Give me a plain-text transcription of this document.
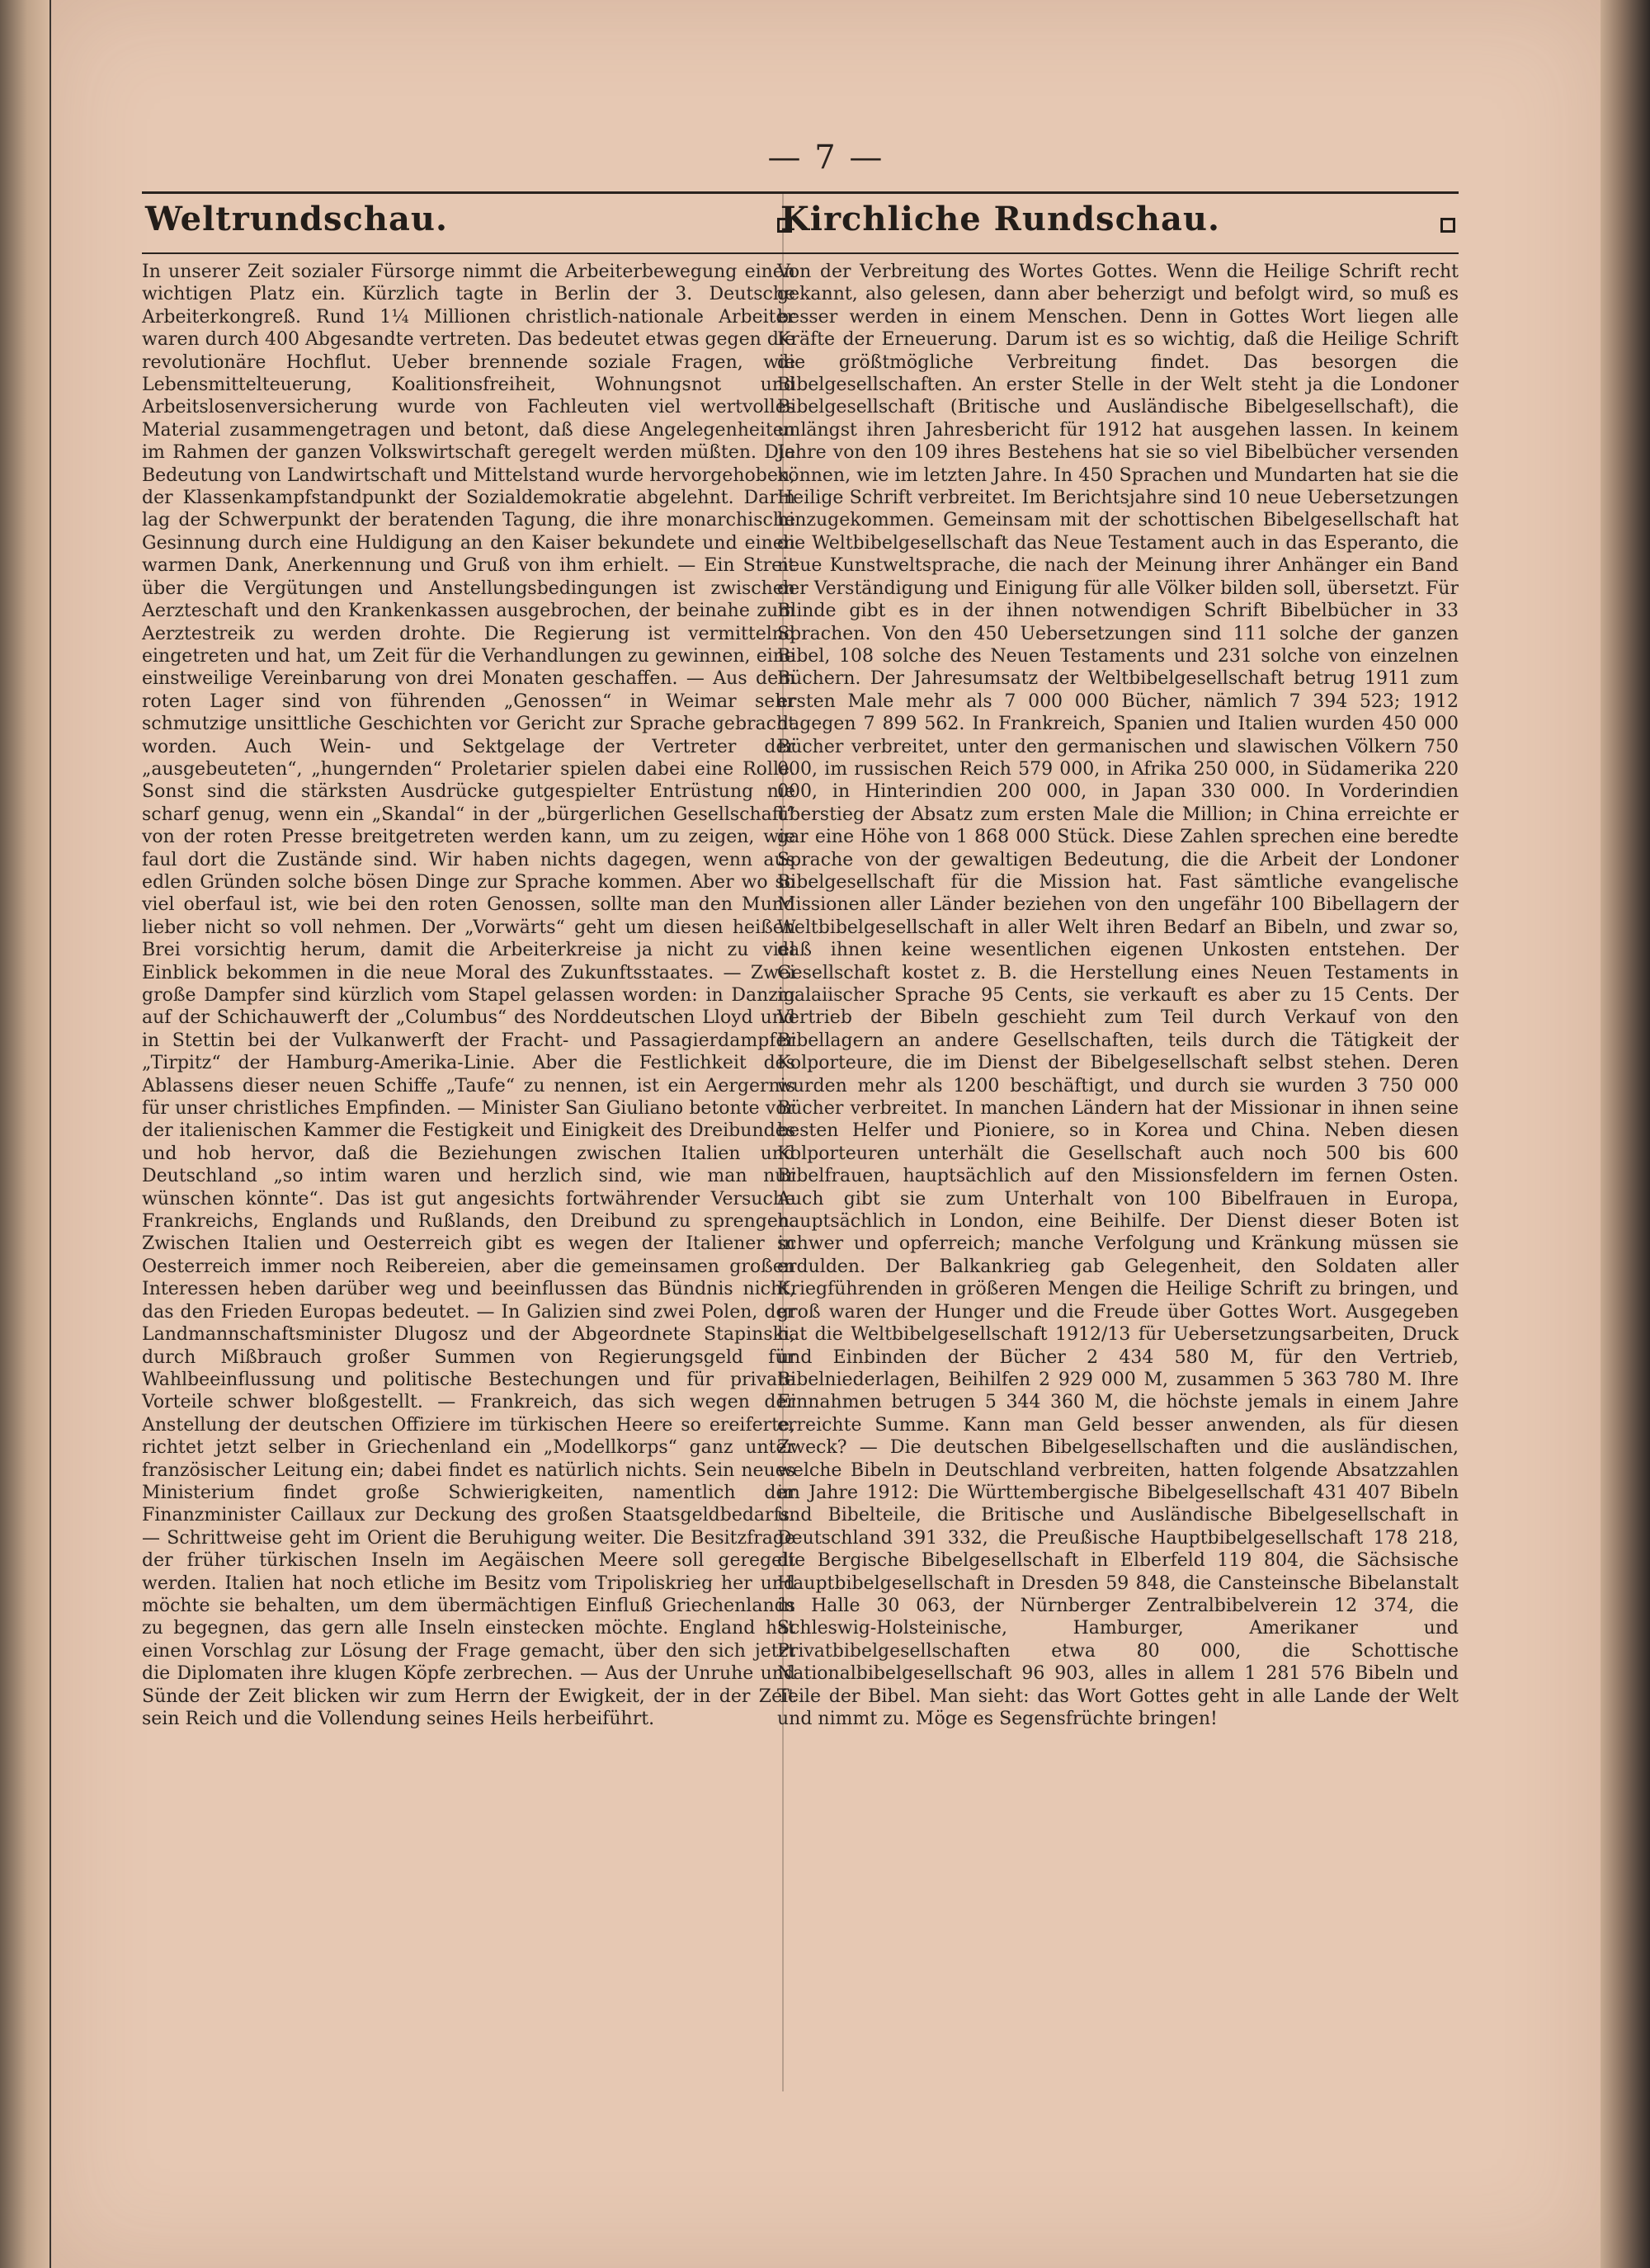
— 7 —
Weltrundschau.

In unserer Zeit sozialer Fürsorge nimmt die Arbeiterbewegung einen wichtigen Platz ein. Kürzlich tagte in Berlin der 3. Deutsche Arbeiterkongreß. Rund 1¼ Millionen christlich-nationale Arbeiter waren durch 400 Abgesandte vertreten. Das bedeutet etwas gegen die revolutionäre Hochflut. Ueber brennende soziale Fragen, wie Lebensmittelteuerung, Koalitionsfreiheit, Wohnungsnot und Arbeitslosenversicherung wurde von Fachleuten viel wertvolles Material zusammengetragen und betont, daß diese Angelegenheiten im Rahmen der ganzen Volkswirtschaft geregelt werden müßten. Die Bedeutung von Landwirtschaft und Mittelstand wurde hervorgehoben, der Klassenkampfstandpunkt der Sozialdemokratie abgelehnt. Darin lag der Schwerpunkt der beratenden Tagung, die ihre monarchische Gesinnung durch eine Huldigung an den Kaiser bekundete und einen warmen Dank, Anerkennung und Gruß von ihm erhielt. — Ein Streit über die Vergütungen und Anstellungsbedingungen ist zwischen Aerzteschaft und den Krankenkassen ausgebrochen, der beinahe zum Aerztestreik zu werden drohte. Die Regierung ist vermittelnd eingetreten und hat, um Zeit für die Verhandlungen zu gewinnen, eine einstweilige Vereinbarung von drei Monaten geschaffen. — Aus dem roten Lager sind von führenden „Genossen“ in Weimar sehr schmutzige unsittliche Geschichten vor Gericht zur Sprache gebracht worden. Auch Wein- und Sektgelage der Vertreter der „ausgebeuteten“, „hungernden“ Proletarier spielen dabei eine Rolle. Sonst sind die stärksten Ausdrücke gutgespielter Entrüstung nie scharf genug, wenn ein „Skandal“ in der „bürgerlichen Gesellschaft“ von der roten Presse breitgetreten werden kann, um zu zeigen, wie faul dort die Zustände sind. Wir haben nichts dagegen, wenn aus edlen Gründen solche bösen Dinge zur Sprache kommen. Aber wo so viel oberfaul ist, wie bei den roten Genossen, sollte man den Mund lieber nicht so voll nehmen. Der „Vorwärts“ geht um diesen heißen Brei vorsichtig herum, damit die Arbeiterkreise ja nicht zu viel Einblick bekommen in die neue Moral des Zukunftsstaates. — Zwei große Dampfer sind kürzlich vom Stapel gelassen worden: in Danzig auf der Schichauwerft der „Columbus“ des Norddeutschen Lloyd und in Stettin bei der Vulkanwerft der Fracht- und Passagierdampfer „Tirpitz“ der Hamburg-Amerika-Linie. Aber die Festlichkeit des Ablassens dieser neuen Schiffe „Taufe“ zu nennen, ist ein Aergernis für unser christliches Empfinden. — Minister San Giuliano betonte vor der italienischen Kammer die Festigkeit und Einigkeit des Dreibundes und hob hervor, daß die Beziehungen zwischen Italien und Deutschland „so intim waren und herzlich sind, wie man nur wünschen könnte“. Das ist gut angesichts fortwährender Versuche Frankreichs, Englands und Rußlands, den Dreibund zu sprengen. Zwischen Italien und Oesterreich gibt es wegen der Italiener in Oesterreich immer noch Reibereien, aber die gemeinsamen großen Interessen heben darüber weg und beeinflussen das Bündnis nicht, das den Frieden Europas bedeutet. — In Galizien sind zwei Polen, der Landmannschaftsminister Dlugosz und der Abgeordnete Stapinski, durch Mißbrauch großer Summen von Regierungsgeld für Wahlbeeinflussung und politische Bestechungen und für private Vorteile schwer bloßgestellt. — Frankreich, das sich wegen der Anstellung der deutschen Offiziere im türkischen Heere so ereiferte, richtet jetzt selber in Griechenland ein „Modellkorps“ ganz unter französischer Leitung ein; dabei findet es natürlich nichts. Sein neues Ministerium findet große Schwierigkeiten, namentlich der Finanzminister Caillaux zur Deckung des großen Staatsgeldbedarfs. — Schrittweise geht im Orient die Beruhigung weiter. Die Besitzfrage der früher türkischen Inseln im Aegäischen Meere soll geregelt werden. Italien hat noch etliche im Besitz vom Tripoliskrieg her und möchte sie behalten, um dem übermächtigen Einfluß Griechenlands zu begegnen, das gern alle Inseln einstecken möchte. England hat einen Vorschlag zur Lösung der Frage gemacht, über den sich jetzt die Diplomaten ihre klugen Köpfe zerbrechen. — Aus der Unruhe und Sünde der Zeit blicken wir zum Herrn der Ewigkeit, der in der Zeit sein Reich und die Vollendung seines Heils herbeiführt.

Kirchliche Rundschau.

Von der Verbreitung des Wortes Gottes. Wenn die Heilige Schrift recht gekannt, also gelesen, dann aber beherzigt und befolgt wird, so muß es besser werden in einem Menschen. Denn in Gottes Wort liegen alle Kräfte der Erneuerung. Darum ist es so wichtig, daß die Heilige Schrift die größtmögliche Verbreitung findet. Das besorgen die Bibelgesellschaften. An erster Stelle in der Welt steht ja die Londoner Bibelgesellschaft (Britische und Ausländische Bibelgesellschaft), die unlängst ihren Jahresbericht für 1912 hat ausgehen lassen. In keinem Jahre von den 109 ihres Bestehens hat sie so viel Bibelbücher versenden können, wie im letzten Jahre. In 450 Sprachen und Mundarten hat sie die Heilige Schrift verbreitet. Im Berichtsjahre sind 10 neue Uebersetzungen hinzugekommen. Gemeinsam mit der schottischen Bibelgesellschaft hat die Weltbibelgesellschaft das Neue Testament auch in das Esperanto, die neue Kunstweltsprache, die nach der Meinung ihrer Anhänger ein Band der Verständigung und Einigung für alle Völker bilden soll, übersetzt. Für Blinde gibt es in der ihnen notwendigen Schrift Bibelbücher in 33 Sprachen. Von den 450 Uebersetzungen sind 111 solche der ganzen Bibel, 108 solche des Neuen Testaments und 231 solche von einzelnen Büchern. Der Jahresumsatz der Weltbibelgesellschaft betrug 1911 zum ersten Male mehr als 7 000 000 Bücher, nämlich 7 394 523; 1912 dagegen 7 899 562. In Frankreich, Spanien und Italien wurden 450 000 Bücher verbreitet, unter den germanischen und slawischen Völkern 750 000, im russischen Reich 579 000, in Afrika 250 000, in Südamerika 220 000, in Hinterindien 200 000, in Japan 330 000. In Vorderindien überstieg der Absatz zum ersten Male die Million; in China erreichte er gar eine Höhe von 1 868 000 Stück. Diese Zahlen sprechen eine beredte Sprache von der gewaltigen Bedeutung, die die Arbeit der Londoner Bibelgesellschaft für die Mission hat. Fast sämtliche evangelische Missionen aller Länder beziehen von den ungefähr 100 Bibellagern der Weltbibelgesellschaft in aller Welt ihren Bedarf an Bibeln, und zwar so, daß ihnen keine wesentlichen eigenen Unkosten entstehen. Der Gesellschaft kostet z. B. die Herstellung eines Neuen Testaments in malaiischer Sprache 95 Cents, sie verkauft es aber zu 15 Cents. Der Vertrieb der Bibeln geschieht zum Teil durch Verkauf von den Bibellagern an andere Gesellschaften, teils durch die Tätigkeit der Kolporteure, die im Dienst der Bibelgesellschaft selbst stehen. Deren wurden mehr als 1200 beschäftigt, und durch sie wurden 3 750 000 Bücher verbreitet. In manchen Ländern hat der Missionar in ihnen seine besten Helfer und Pioniere, so in Korea und China. Neben diesen Kolporteuren unterhält die Gesellschaft auch noch 500 bis 600 Bibelfrauen, hauptsächlich auf den Missionsfeldern im fernen Osten. Auch gibt sie zum Unterhalt von 100 Bibelfrauen in Europa, hauptsächlich in London, eine Beihilfe. Der Dienst dieser Boten ist schwer und opferreich; manche Verfolgung und Kränkung müssen sie erdulden. Der Balkankrieg gab Gelegenheit, den Soldaten aller Kriegführenden in größeren Mengen die Heilige Schrift zu bringen, und groß waren der Hunger und die Freude über Gottes Wort. Ausgegeben hat die Weltbibelgesellschaft 1912/13 für Uebersetzungsarbeiten, Druck und Einbinden der Bücher 2 434 580 M, für den Vertrieb, Bibelniederlagen, Beihilfen 2 929 000 M, zusammen 5 363 780 M. Ihre Einnahmen betrugen 5 344 360 M, die höchste jemals in einem Jahre erreichte Summe. Kann man Geld besser anwenden, als für diesen Zweck? — Die deutschen Bibelgesellschaften und die ausländischen, welche Bibeln in Deutschland verbreiten, hatten folgende Absatzzahlen im Jahre 1912: Die Württembergische Bibelgesellschaft 431 407 Bibeln und Bibelteile, die Britische und Ausländische Bibelgesellschaft in Deutschland 391 332, die Preußische Hauptbibelgesellschaft 178 218, die Bergische Bibelgesellschaft in Elberfeld 119 804, die Sächsische Hauptbibelgesellschaft in Dresden 59 848, die Cansteinsche Bibelanstalt in Halle 30 063, der Nürnberger Zentralbibelverein 12 374, die Schleswig-Holsteinische, Hamburger, Amerikaner und Privatbibelgesellschaften etwa 80 000, die Schottische Nationalbibelgesellschaft 96 903, alles in allem 1 281 576 Bibeln und Teile der Bibel. Man sieht: das Wort Gottes geht in alle Lande der Welt und nimmt zu. Möge es Segensfrüchte bringen!
